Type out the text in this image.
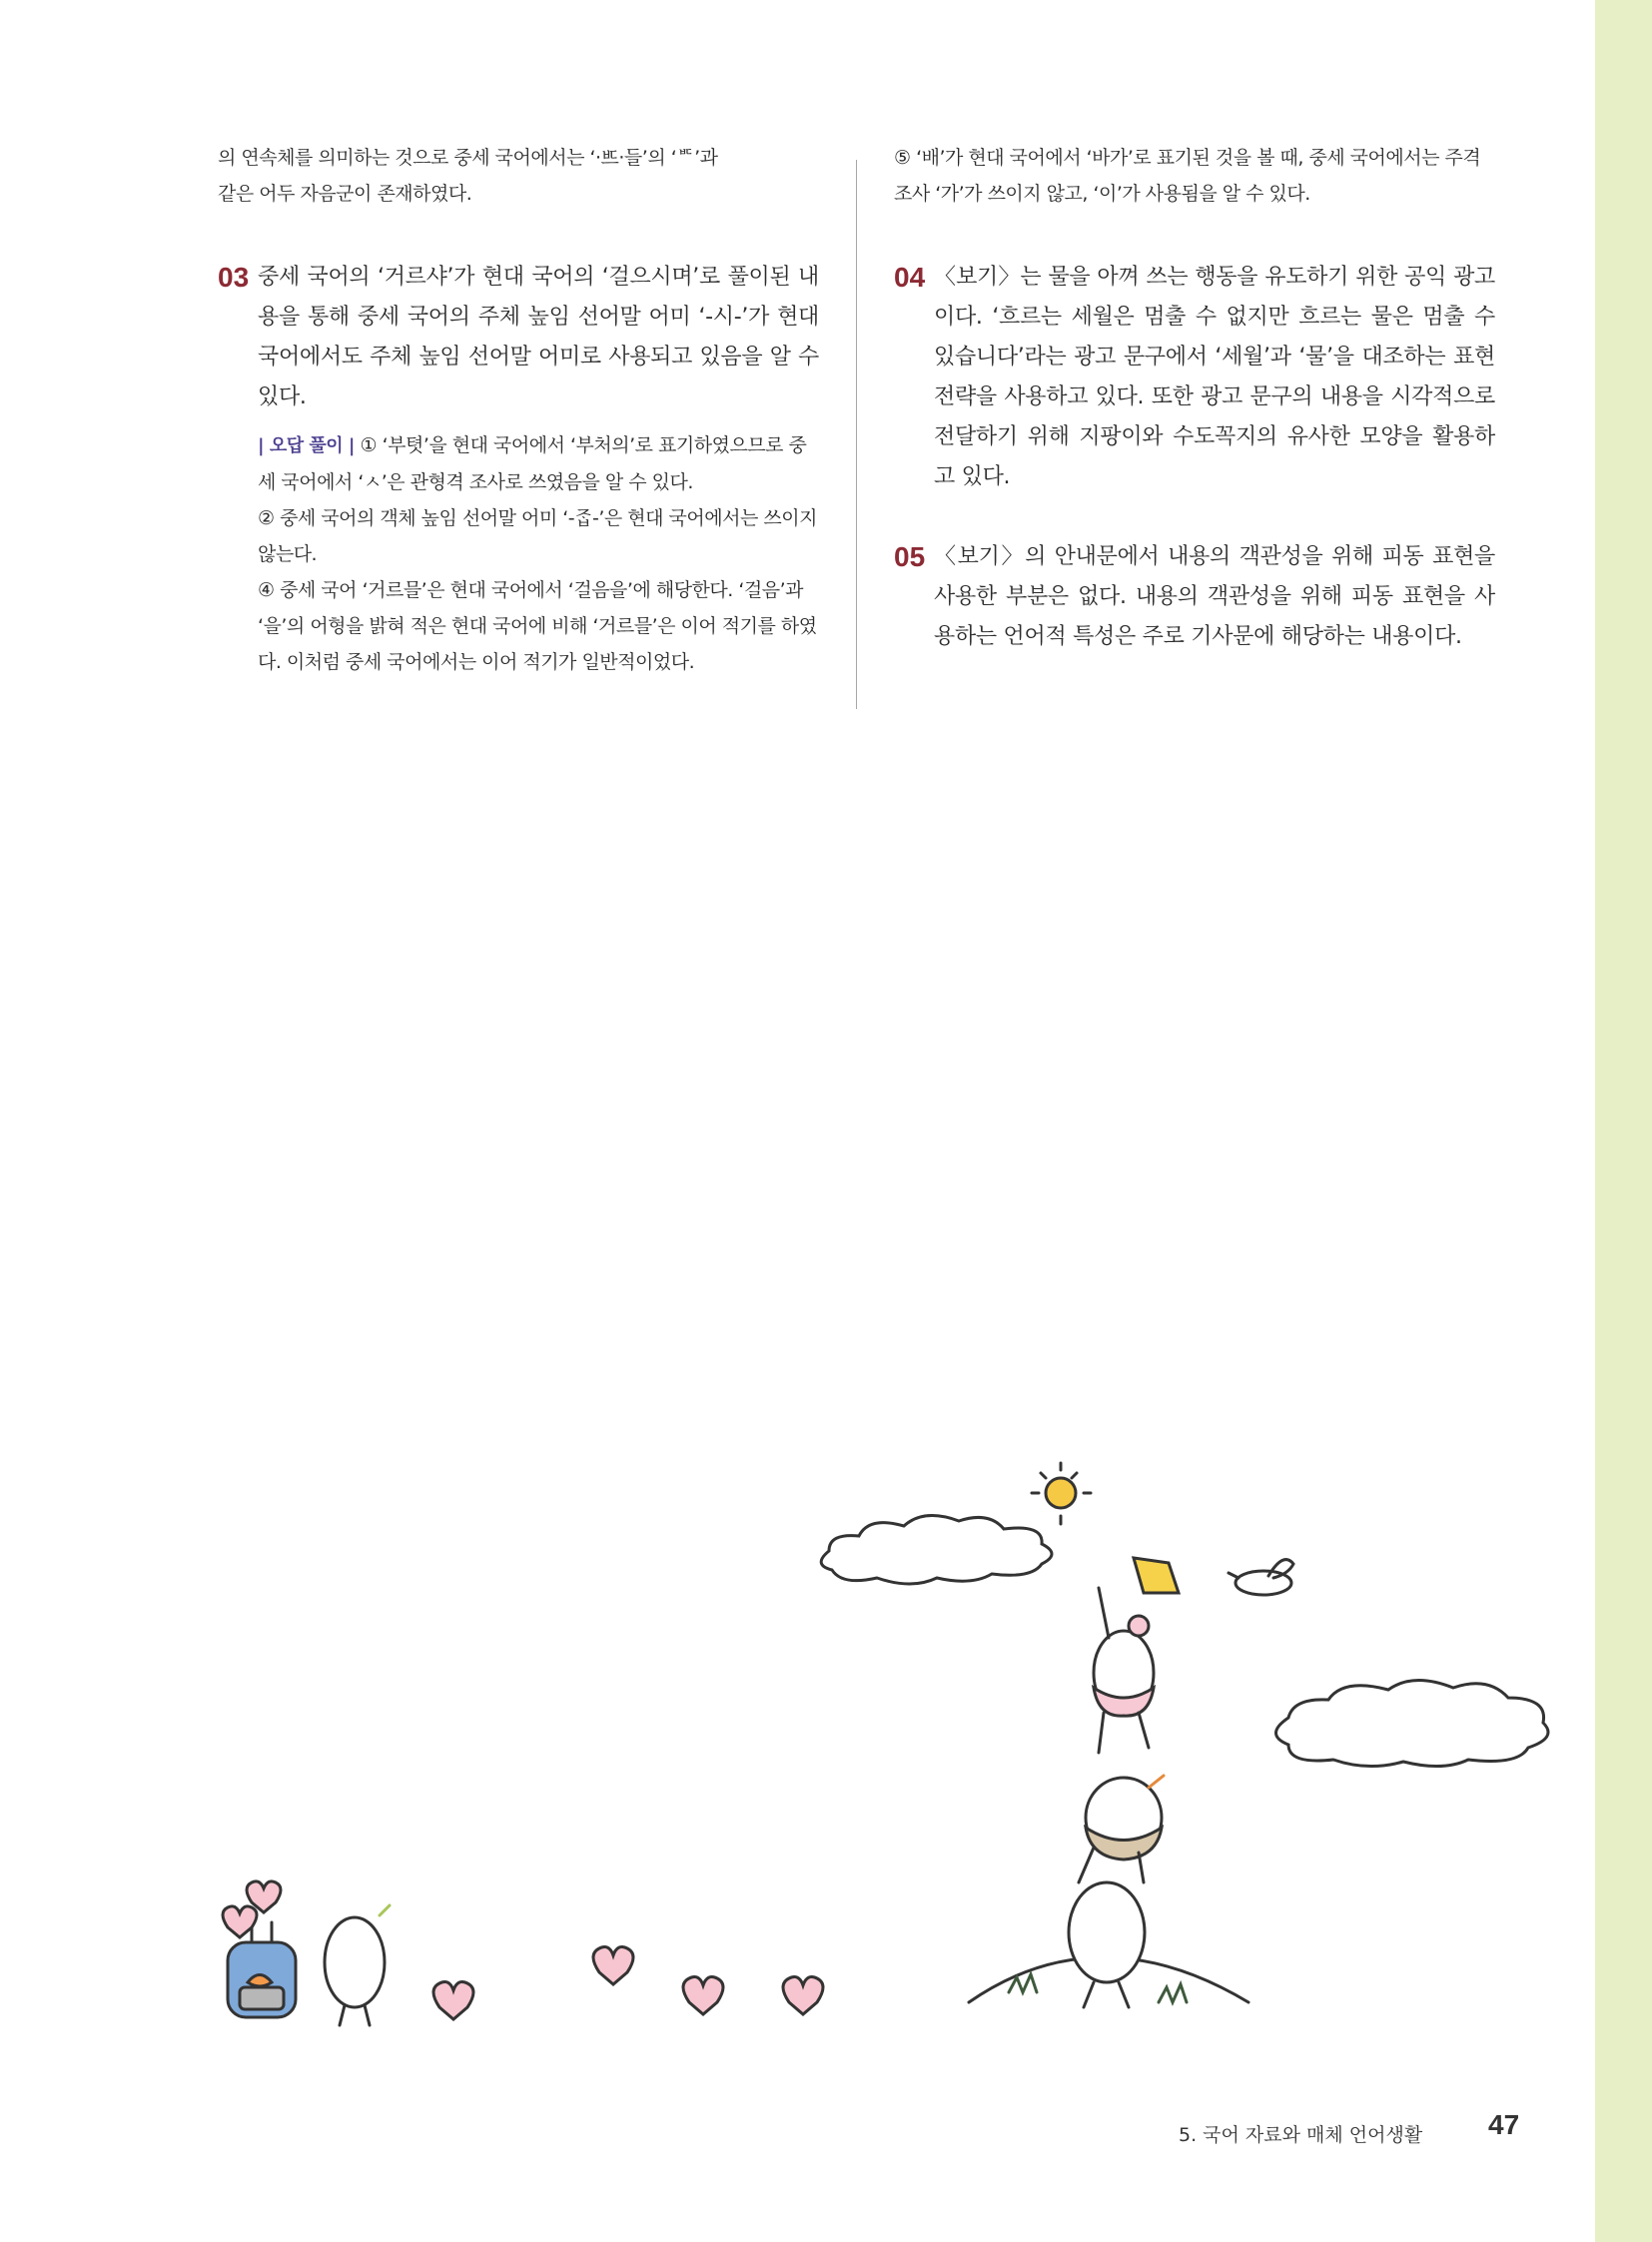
의 연속체를 의미하는 것으로 중세 국어에서는 ‘·ᄠᅳ·들’의 ‘ᄠ’과

같은 어두 자음군이 존재하였다.

03 중세 국어의 ‘거르샤’가 현대 국어의 ‘걸으시며’로 풀이된 내용을 통해 중세 국어의 주체 높임 선어말 어미 ‘-시-’가 현대 국어에서도 주체 높임 선어말 어미로 사용되고 있음을 알 수 있다.

| 오답 풀이 | ① ‘부텻’을 현대 국어에서 ‘부처의’로 표기하였으므로 중세 국어에서 ‘ㅅ’은 관형격 조사로 쓰였음을 알 수 있다.

② 중세 국어의 객체 높임 선어말 어미 ‘-ᄌᆞᆸ-’은 현대 국어에서는 쓰이지 않는다.

④ 중세 국어 ‘거르믈’은 현대 국어에서 ‘걸음을’에 해당한다. ‘걸음’과 ‘을’의 어형을 밝혀 적은 현대 국어에 비해 ‘거르믈’은 이어 적기를 하였다. 이처럼 중세 국어에서는 이어 적기가 일반적이었다.

⑤ ‘배’가 현대 국어에서 ‘바가’로 표기된 것을 볼 때, 중세 국어에서는 주격 조사 ‘가’가 쓰이지 않고, ‘이’가 사용됨을 알 수 있다.

04 〈보기〉는 물을 아껴 쓰는 행동을 유도하기 위한 공익 광고이다. ‘흐르는 세월은 멈출 수 없지만 흐르는 물은 멈출 수 있습니다’라는 광고 문구에서 ‘세월’과 ‘물’을 대조하는 표현 전략을 사용하고 있다. 또한 광고 문구의 내용을 시각적으로 전달하기 위해 지팡이와 수도꼭지의 유사한 모양을 활용하고 있다.

05 〈보기〉의 안내문에서 내용의 객관성을 위해 피동 표현을 사용한 부분은 없다. 내용의 객관성을 위해 피동 표현을 사용하는 언어적 특성은 주로 기사문에 해당하는 내용이다.

5. 국어 자료와 매체 언어생활 47
